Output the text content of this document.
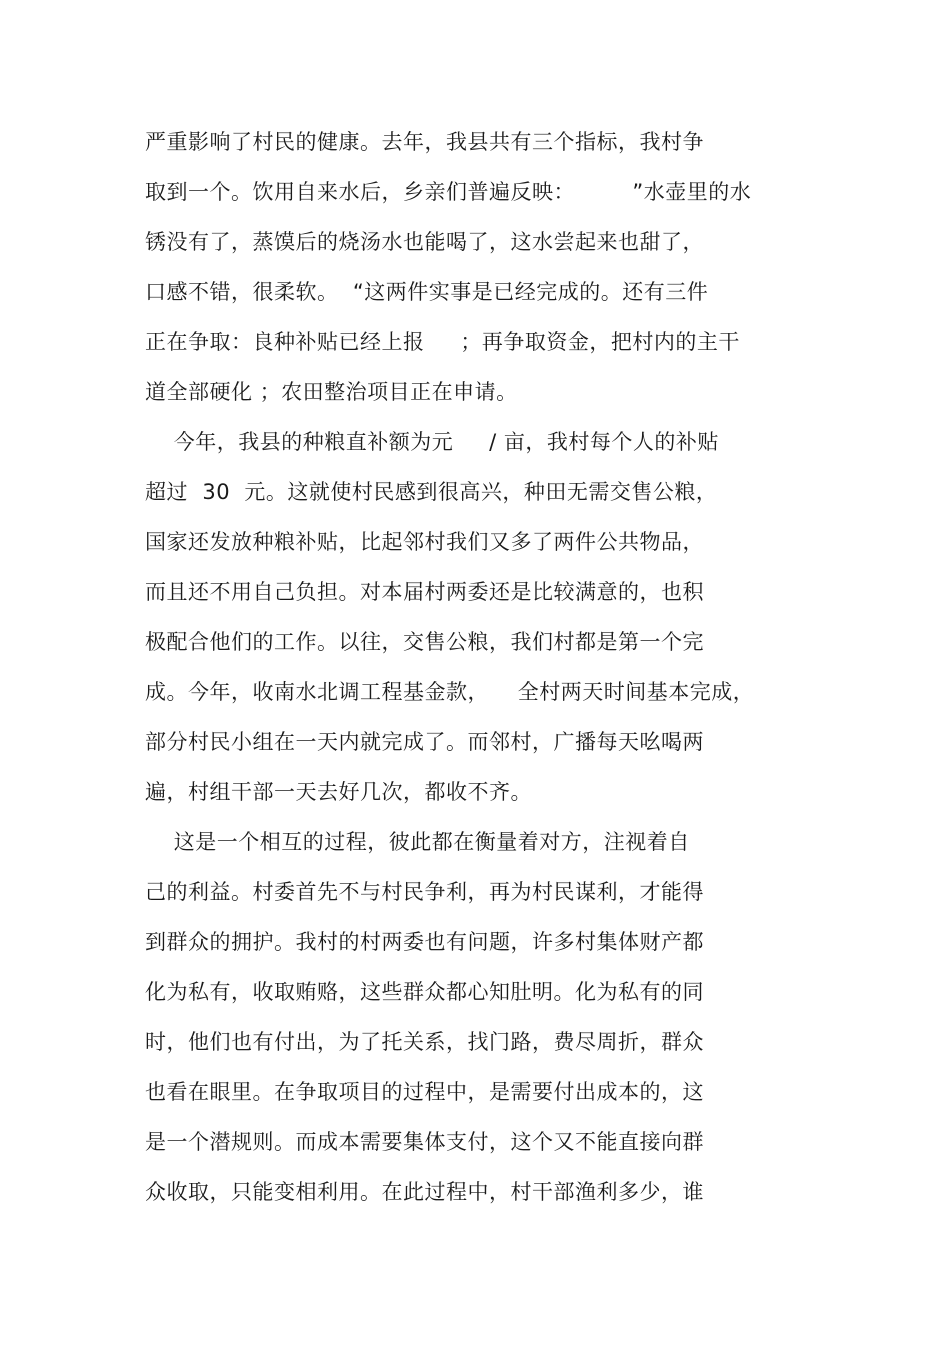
严重影响了村民的健康。去年，我县共有三个指标，我村争
取到一个。饮用自来水后，乡亲们普遍反映：        ”水壶里的水
锈没有了，蒸馍后的烧汤水也能喝了，这水尝起来也甜了，
口感不错，很柔软。  “这两件实事是已经完成的。还有三件
正在争取：良种补贴已经上报     ；再争取资金，把村内的主干
道全部硬化 ；农田整治项目正在申请。
今年，我县的种粮直补额为元     / 亩，我村每个人的补贴
超过  30  元。这就使村民感到很高兴，种田无需交售公粮，
国家还发放种粮补贴，比起邻村我们又多了两件公共物品，
而且还不用自己负担。对本届村两委还是比较满意的，也积
极配合他们的工作。以往，交售公粮，我们村都是第一个完
成。今年，收南水北调工程基金款，    全村两天时间基本完成，
部分村民小组在一天内就完成了。而邻村，广播每天吆喝两
遍，村组干部一天去好几次，都收不齐。
这是一个相互的过程，彼此都在衡量着对方，注视着自
己的利益。村委首先不与村民争利，再为村民谋利，才能得
到群众的拥护。我村的村两委也有问题，许多村集体财产都
化为私有，收取贿赂，这些群众都心知肚明。化为私有的同
时，他们也有付出，为了托关系，找门路，费尽周折，群众
也看在眼里。在争取项目的过程中，是需要付出成本的，这
是一个潜规则。而成本需要集体支付，这个又不能直接向群
众收取，只能变相利用。在此过程中，村干部渔利多少，谁
